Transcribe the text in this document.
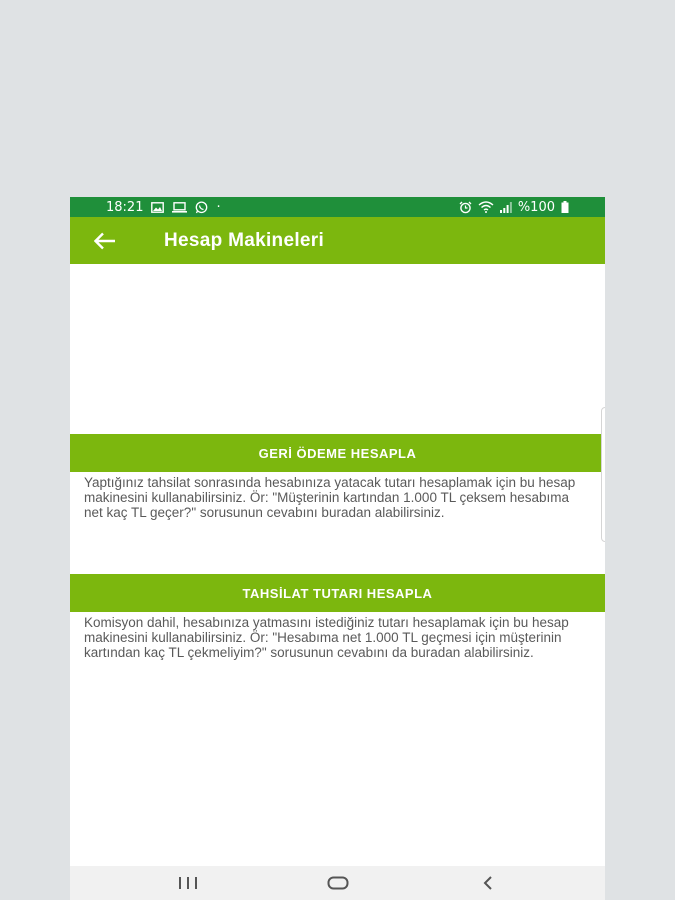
18:21	·	%100
Hesap Makineleri
GERİ ÖDEME HESAPLA
Yaptığınız tahsilat sonrasında hesabınıza yatacak tutarı hesaplamak için bu hesap makinesini kullanabilirsiniz. Ör: "Müşterinin kartından 1.000 TL çeksem hesabıma net kaç TL geçer?" sorusunun cevabını buradan alabilirsiniz.
TAHSİLAT TUTARI HESAPLA
Komisyon dahil, hesabınıza yatmasını istediğiniz tutarı hesaplamak için bu hesap makinesini kullanabilirsiniz. Ör: "Hesabıma net 1.000 TL geçmesi için müşterinin kartından kaç TL çekmeliyim?" sorusunun cevabını da buradan alabilirsiniz.
